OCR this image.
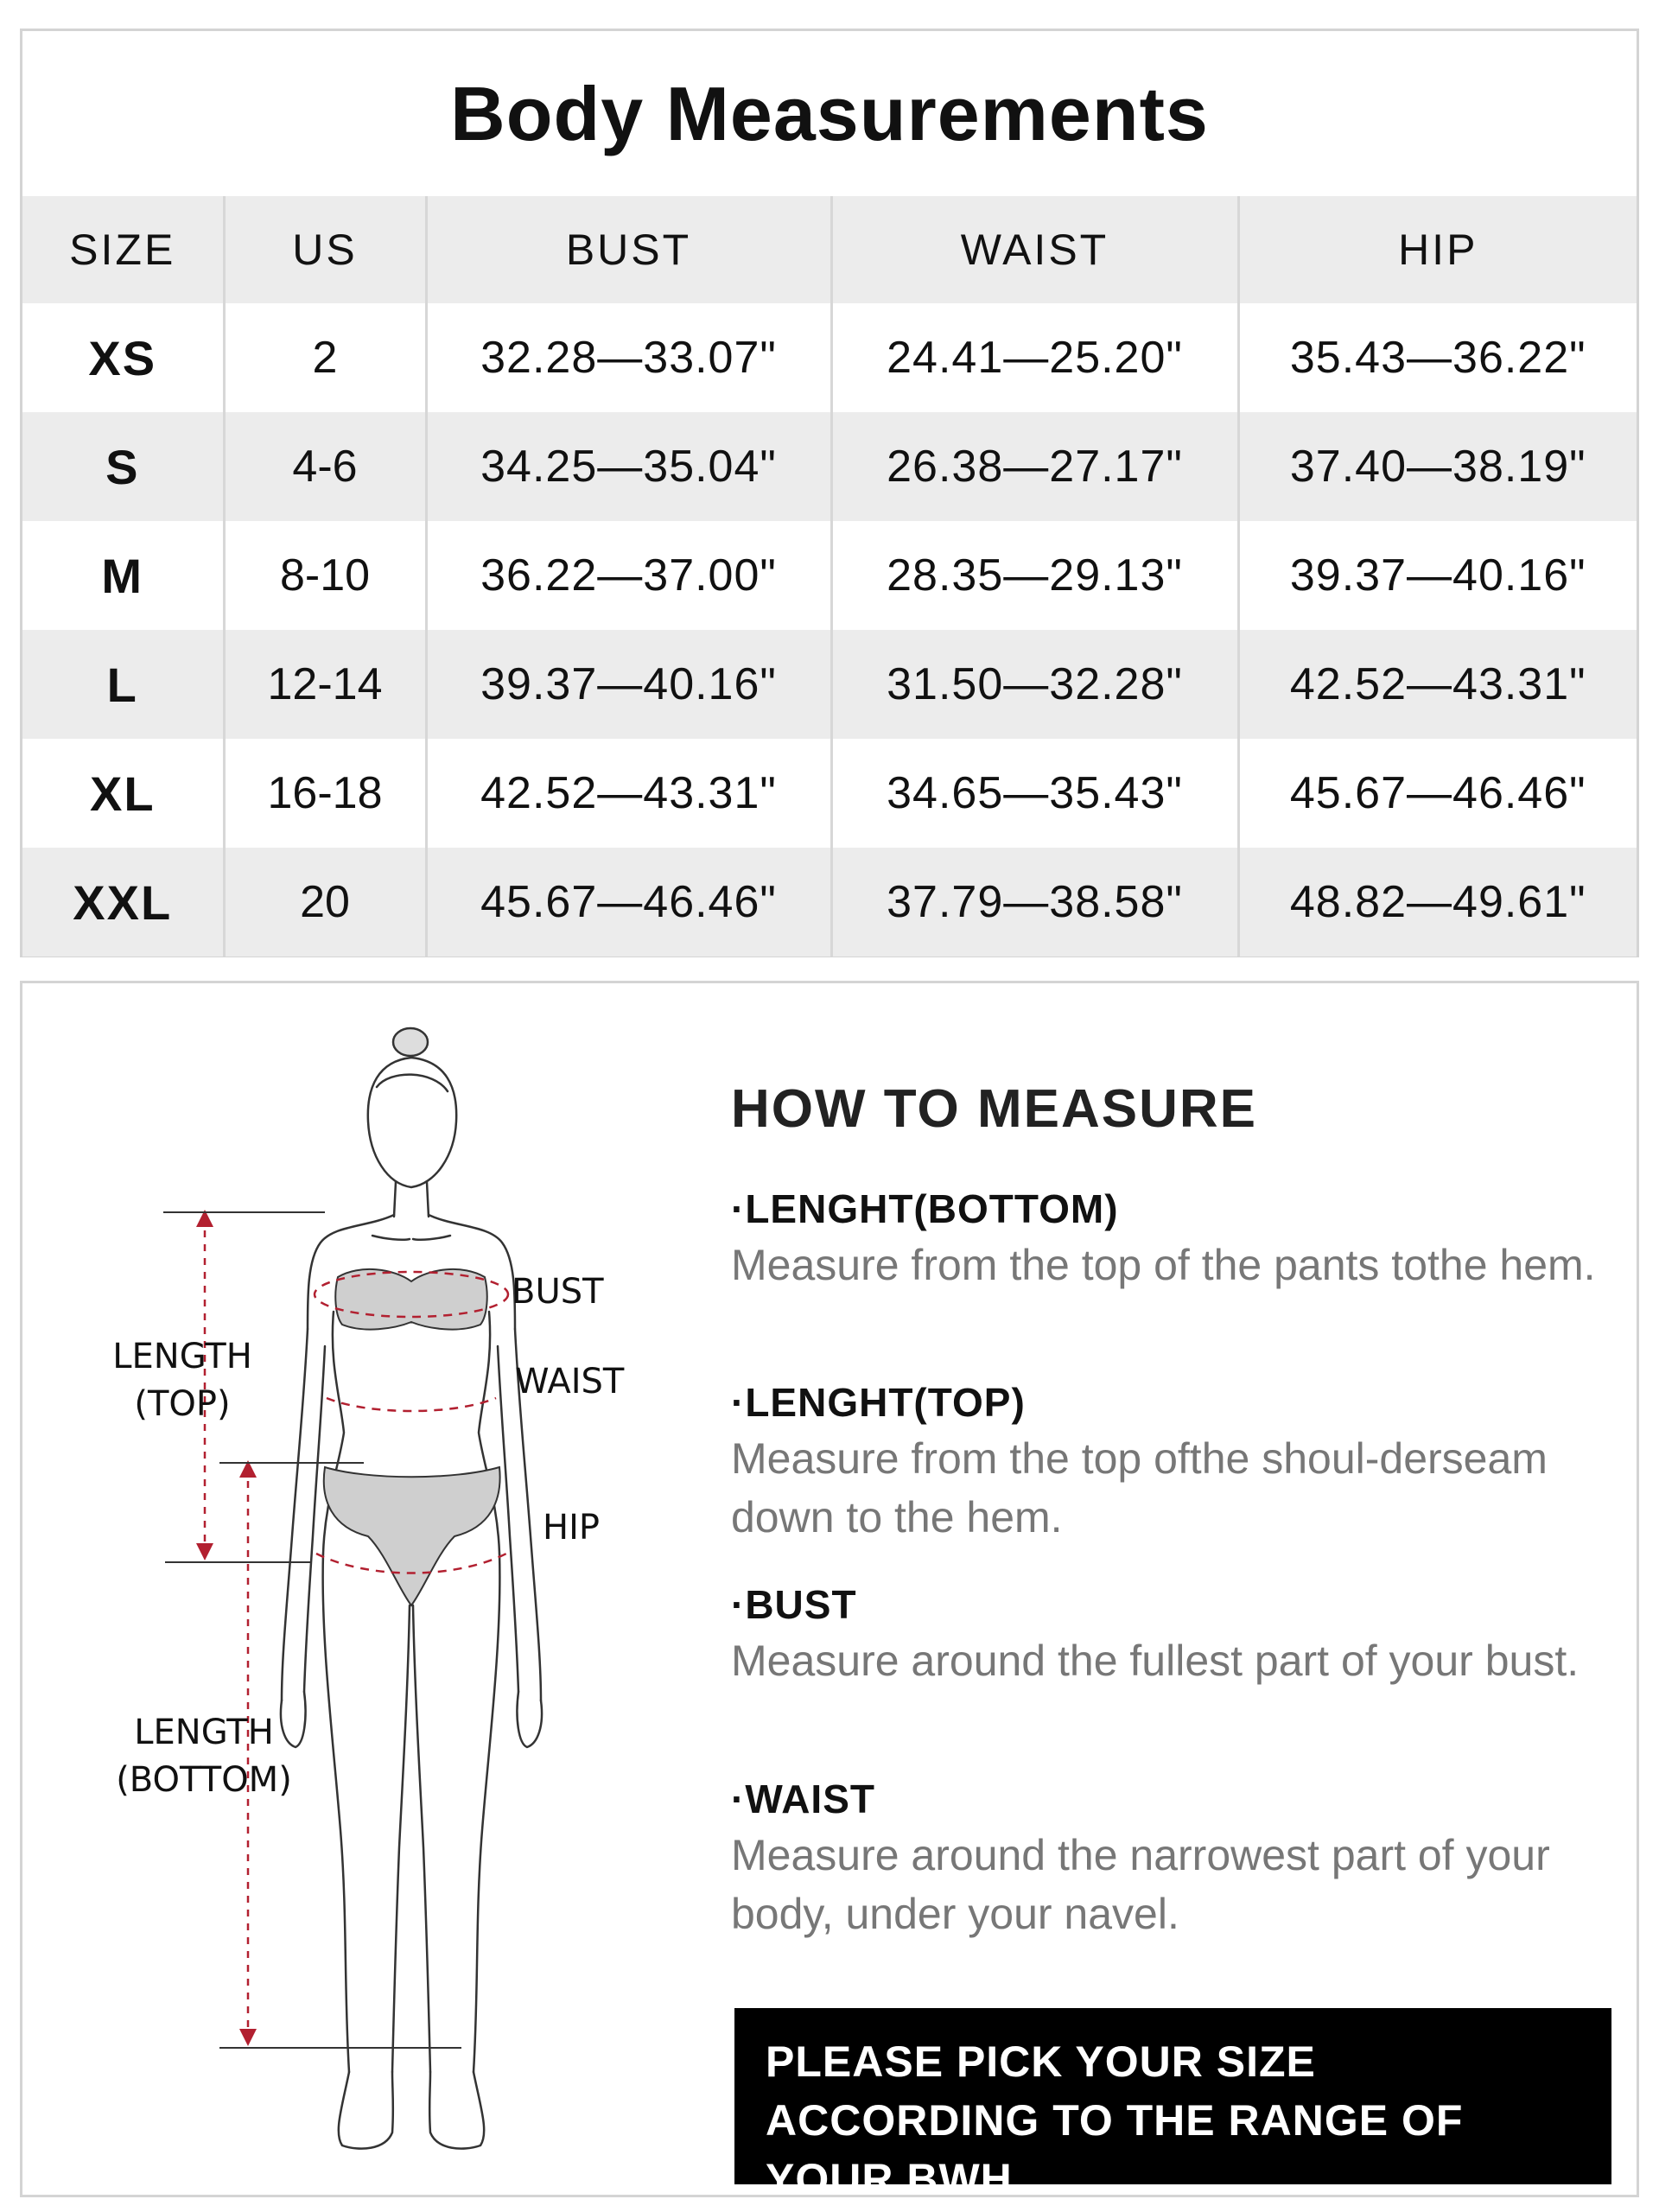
Body Measurements
SIZE	US	BUST	WAIST	HIP
XS	2	32.28—33.07"	24.41—25.20"	35.43—36.22"
S	4-6	34.25—35.04"	26.38—27.17"	37.40—38.19"
M	8-10	36.22—37.00"	28.35—29.13"	39.37—40.16"
L	12-14	39.37—40.16"	31.50—32.28"	42.52—43.31"
XL	16-18	42.52—43.31"	34.65—35.43"	45.67—46.46"
XXL	20	45.67—46.46"	37.79—38.58"	48.82—49.61"
BUST
WAIST
HIP
LENGTH
(TOP)
LENGTH
(BOTTOM)
HOW TO MEASURE
·LENGHT(BOTTOM)
Measure from the top of the pants tothe hem.
·LENGHT(TOP)
Measure from the top ofthe shoul-derseam down to the hem.
·BUST
Measure around the fullest part of your bust.
·WAIST
Measure around the narrowest part of your body, under your navel.
PLEASE PICK YOUR SIZE ACCORDING TO THE RANGE OF YOUR BWH.
